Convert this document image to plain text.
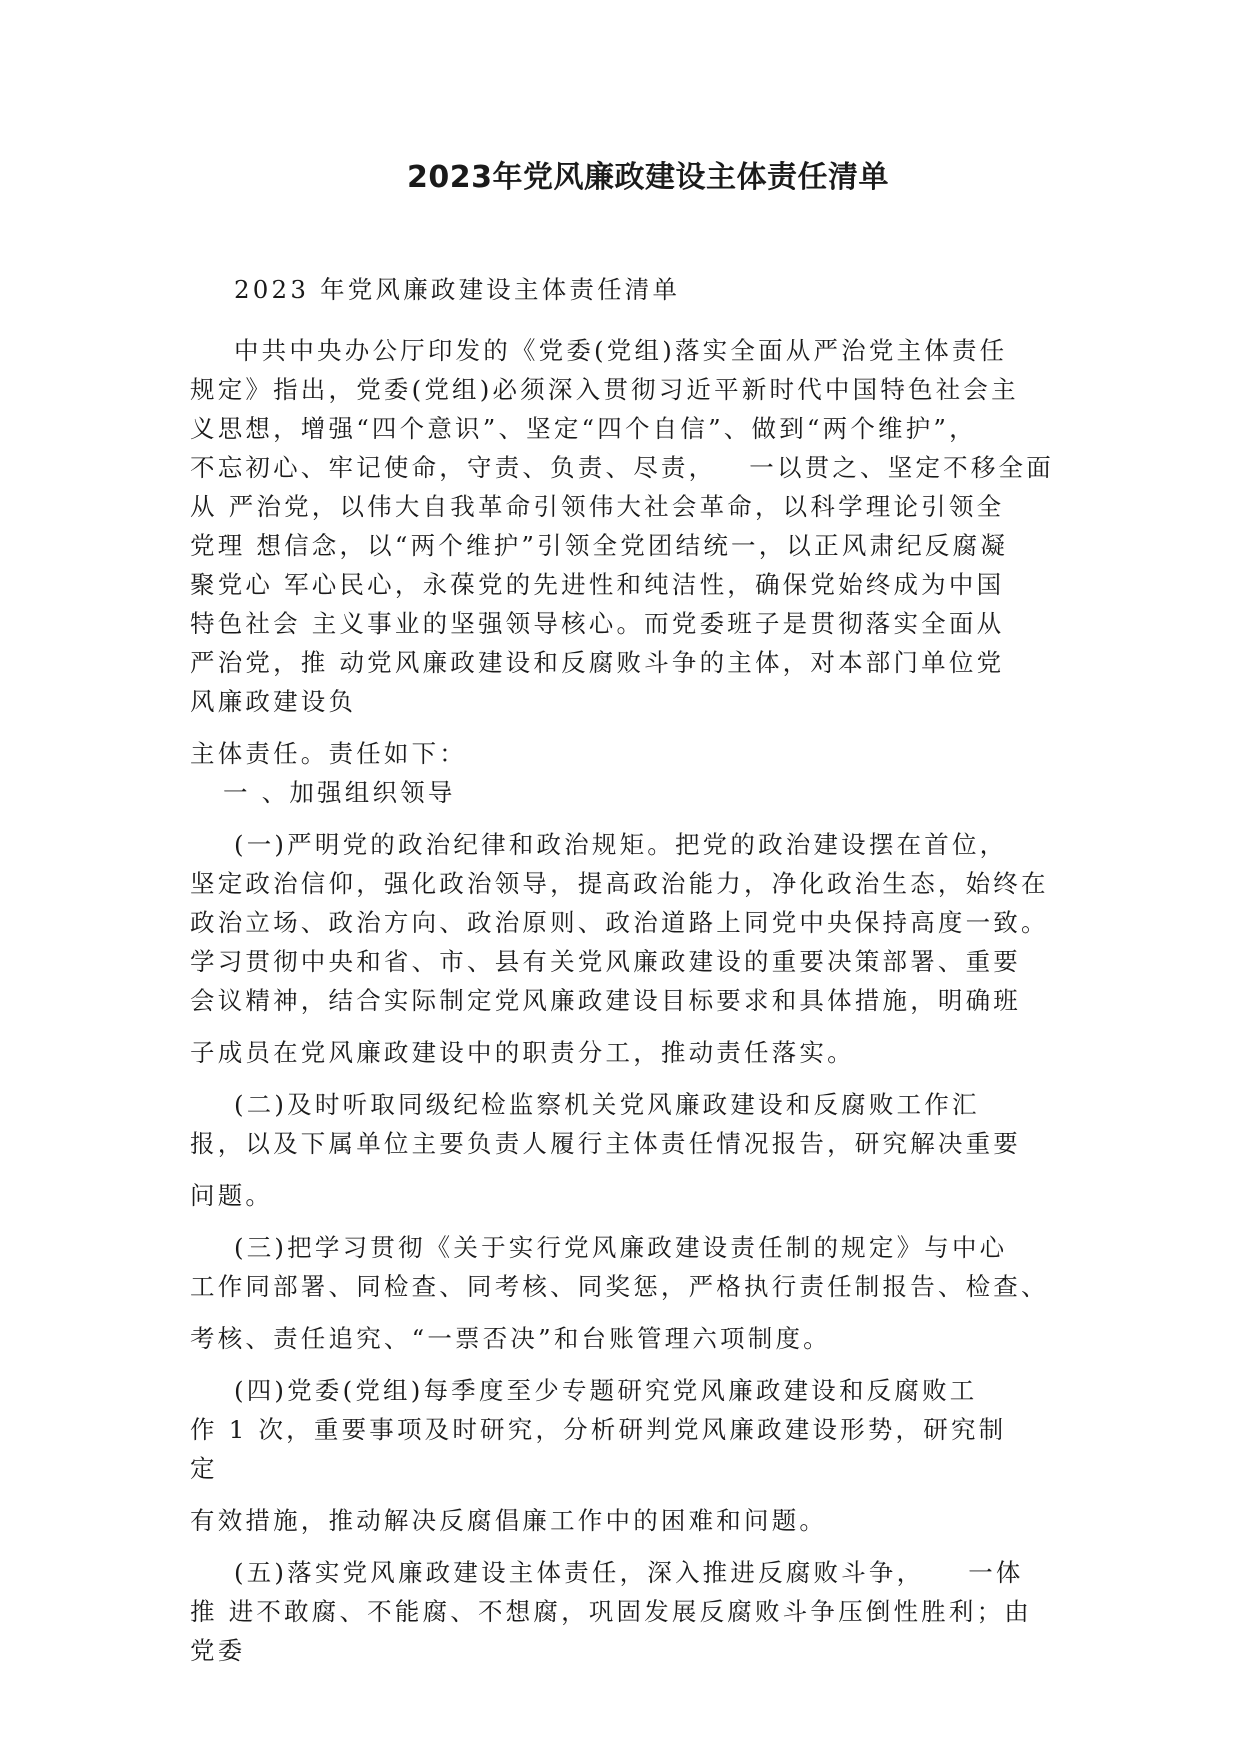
2023年党风廉政建设主体责任清单
2023 年党风廉政建设主体责任清单
中共中央办公厅印发的《党委(党组)落实全面从严治党主体责任
规定》指出，党委(党组)必须深入贯彻习近平新时代中国特色社会主
义思想，增强“四个意识”、坚定“四个自信”、做到“两个维护”，
不忘初心、牢记使命，守责、负责、尽责，   一以贯之、坚定不移全面
从 严治党，以伟大自我革命引领伟大社会革命，以科学理论引领全
党理 想信念，以“两个维护”引领全党团结统一，以正风肃纪反腐凝
聚党心 军心民心，永葆党的先进性和纯洁性，确保党始终成为中国
特色社会 主义事业的坚强领导核心。而党委班子是贯彻落实全面从
严治党，推 动党风廉政建设和反腐败斗争的主体，对本部门单位党
风廉政建设负
主体责任。责任如下：
一 、加强组织领导
(一)严明党的政治纪律和政治规矩。把党的政治建设摆在首位，
坚定政治信仰，强化政治领导，提高政治能力，净化政治生态，始终在
政治立场、政治方向、政治原则、政治道路上同党中央保持高度一致。
学习贯彻中央和省、市、县有关党风廉政建设的重要决策部署、重要
会议精神，结合实际制定党风廉政建设目标要求和具体措施，明确班
子成员在党风廉政建设中的职责分工，推动责任落实。
(二)及时听取同级纪检监察机关党风廉政建设和反腐败工作汇
报，以及下属单位主要负责人履行主体责任情况报告，研究解决重要
问题。
(三)把学习贯彻《关于实行党风廉政建设责任制的规定》与中心
工作同部署、同检查、同考核、同奖惩，严格执行责任制报告、检查、
考核、责任追究、“一票否决”和台账管理六项制度。
(四)党委(党组)每季度至少专题研究党风廉政建设和反腐败工
作 1 次，重要事项及时研究，分析研判党风廉政建设形势，研究制
定
有效措施，推动解决反腐倡廉工作中的困难和问题。
(五)落实党风廉政建设主体责任，深入推进反腐败斗争，    一体
推 进不敢腐、不能腐、不想腐，巩固发展反腐败斗争压倒性胜利；由
党委
